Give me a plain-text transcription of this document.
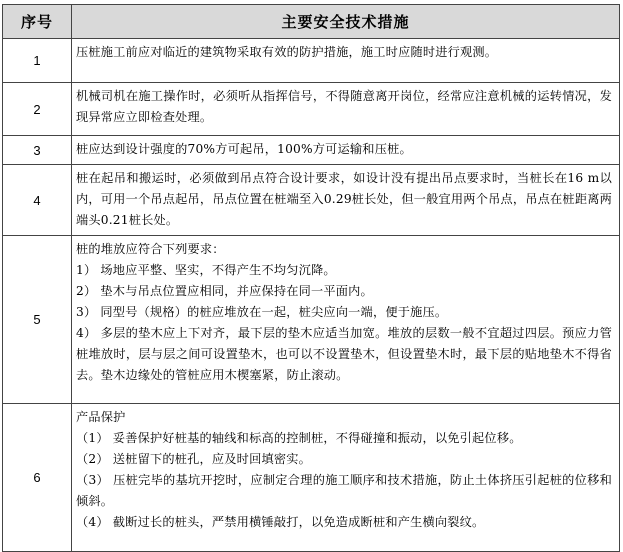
序号	主要安全技术措施
1	压桩施工前应对临近的建筑物采取有效的防护措施，施工时应随时进行观测。

2	机械司机在施工操作时，必须听从指挥信号，不得随意离开岗位，经常应注意机械的运转情况，发现异常应立即检查处理。

3	桩应达到设计强度的70%方可起吊，100%方可运输和压桩。

4	桩在起吊和搬运时，必须做到吊点符合设计要求，如设计没有提出吊点要求时，当桩长在16 m以内，可用一个吊点起吊，吊点位置在桩端至入0.29桩长处，但一般宜用两个吊点，吊点在桩距离两端头0.21桩长处。

5	桩的堆放应符合下列要求：
1） 场地应平整、坚实，不得产生不均匀沉降。
2） 垫木与吊点位置应相同，并应保持在同一平面内。
3） 同型号（规格）的桩应堆放在一起，桩尖应向一端，便于施压。
4） 多层的垫木应上下对齐，最下层的垫木应适当加宽。堆放的层数一般不宜超过四层。预应力管桩堆放时，层与层之间可设置垫木，也可以不设置垫木，但设置垫木时，最下层的贴地垫木不得省去。垫木边缘处的管桩应用木楔塞紧，防止滚动。

6	产品保护
（1） 妥善保护好桩基的轴线和标高的控制桩，不得碰撞和振动，以免引起位移。
（2） 送桩留下的桩孔，应及时回填密实。
（3） 压桩完毕的基坑开挖时，应制定合理的施工顺序和技术措施，防止土体挤压引起桩的位移和倾斜。
（4） 截断过长的桩头，严禁用横锤敲打，以免造成断桩和产生横向裂纹。
